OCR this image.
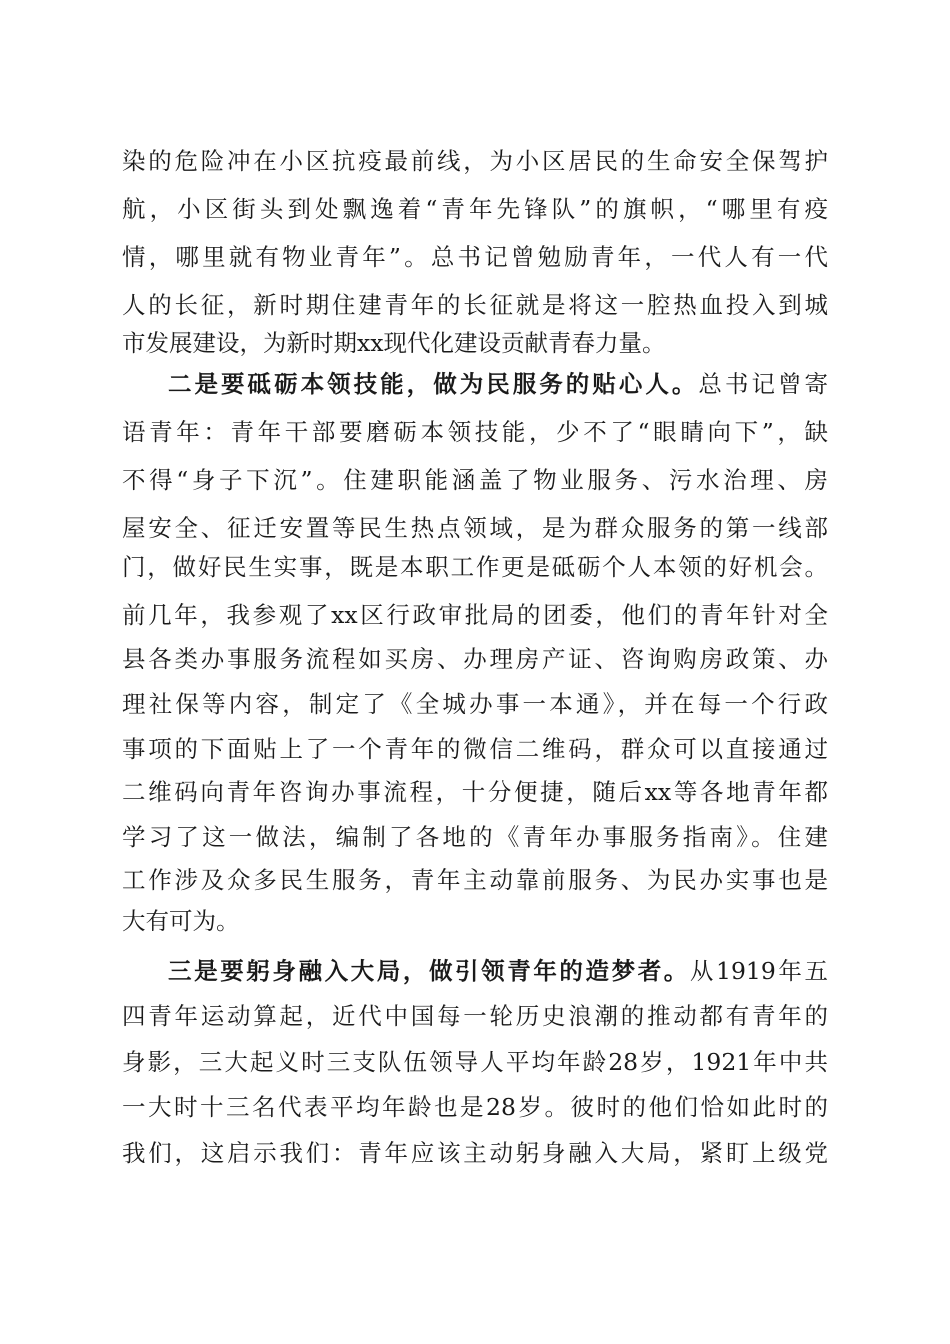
染的危险冲在小区抗疫最前线，为小区居民的生命安全保驾护
航，小区街头到处飘逸着“青年先锋队”的旗帜，“哪里有疫
情，哪里就有物业青年”。总书记曾勉励青年，一代人有一代
人的长征，新时期住建青年的长征就是将这一腔热血投入到城
市发展建设，为新时期xx现代化建设贡献青春力量。
二是要砥砺本领技能，做为民服务的贴心人。总书记曾寄
语青年：青年干部要磨砺本领技能，少不了“眼睛向下”，缺
不得“身子下沉”。住建职能涵盖了物业服务、污水治理、房
屋安全、征迁安置等民生热点领域，是为群众服务的第一线部
门，做好民生实事，既是本职工作更是砥砺个人本领的好机会。
前几年，我参观了xx区行政审批局的团委，他们的青年针对全
县各类办事服务流程如买房、办理房产证、咨询购房政策、办
理社保等内容，制定了《全城办事一本通》，并在每一个行政
事项的下面贴上了一个青年的微信二维码，群众可以直接通过
二维码向青年咨询办事流程，十分便捷，随后xx等各地青年都
学习了这一做法，编制了各地的《青年办事服务指南》。住建
工作涉及众多民生服务，青年主动靠前服务、为民办实事也是
大有可为。
三是要躬身融入大局，做引领青年的造梦者。从1919年五
四青年运动算起，近代中国每一轮历史浪潮的推动都有青年的
身影，三大起义时三支队伍领导人平均年龄28岁，1921年中共
一大时十三名代表平均年龄也是28岁。彼时的他们恰如此时的
我们，这启示我们：青年应该主动躬身融入大局，紧盯上级党
